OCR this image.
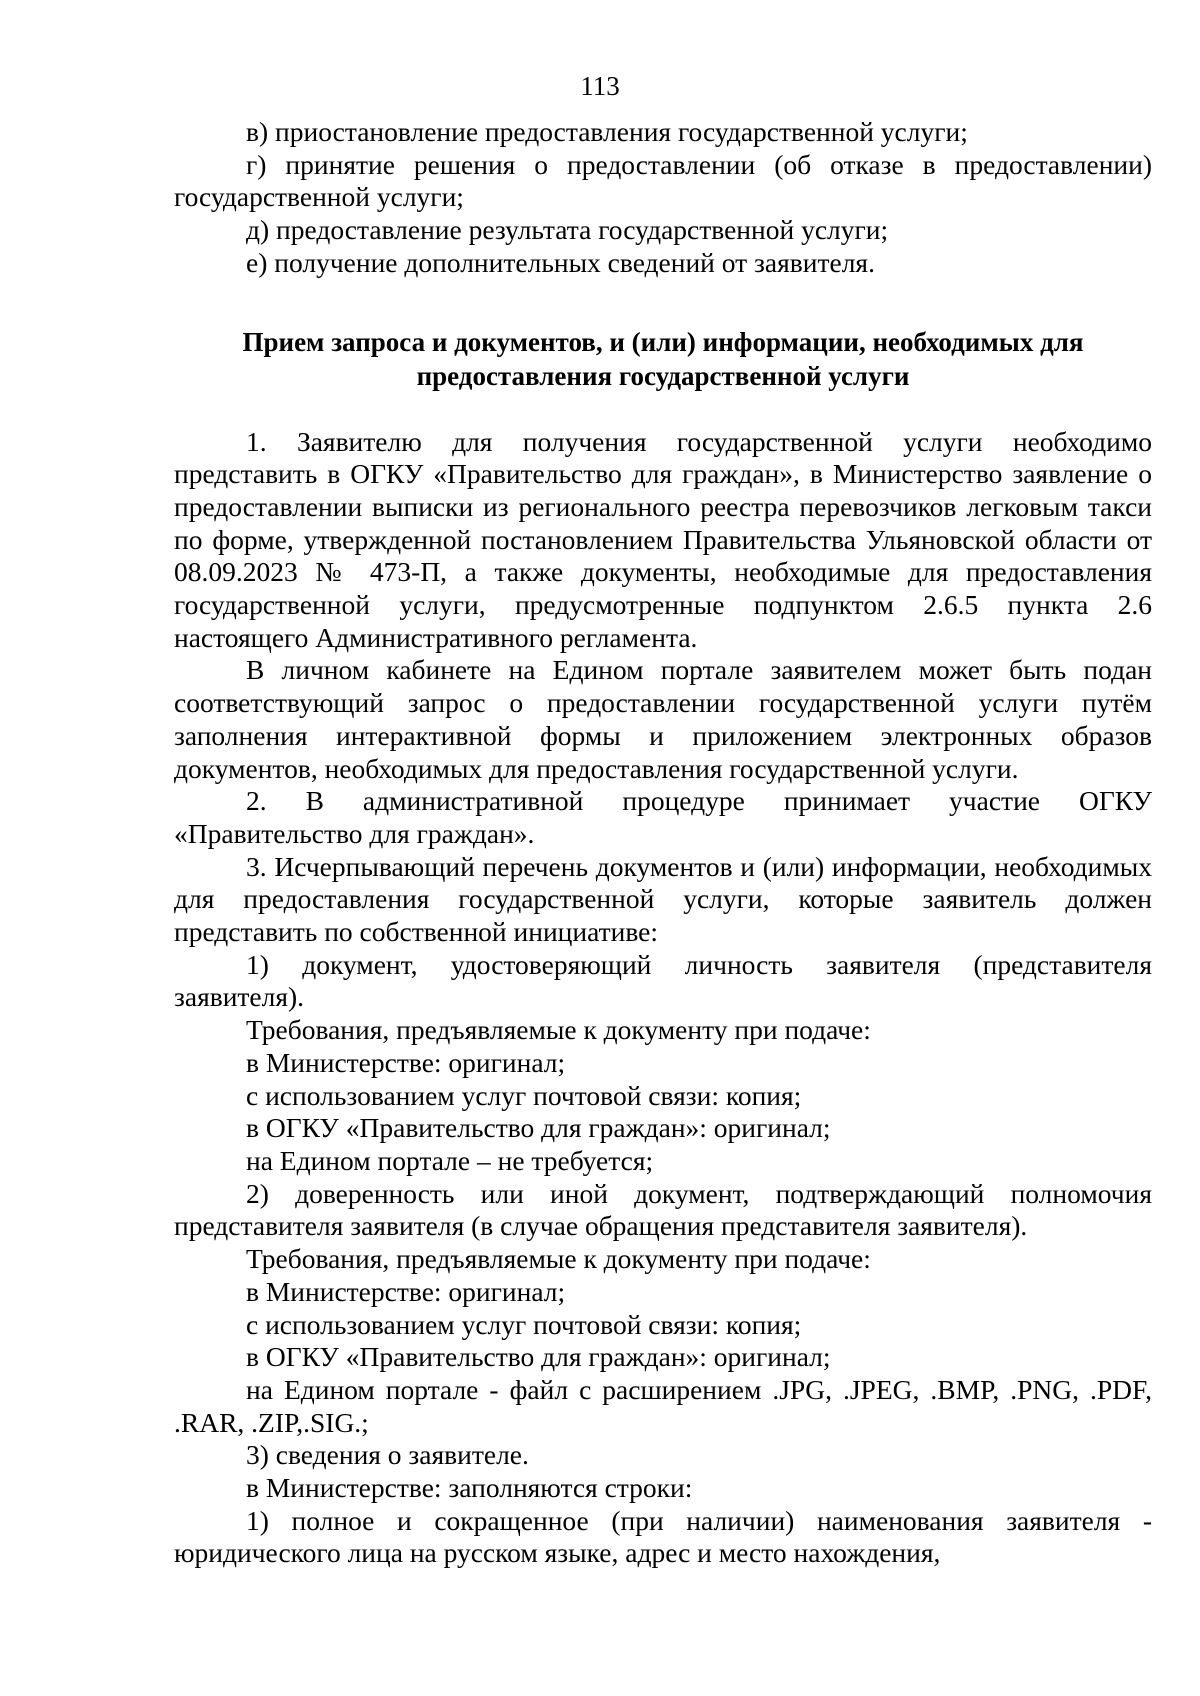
113

в) приостановление предоставления государственной услуги;

г) принятие решения о предоставлении (об отказе в предоставлении) государственной услуги;

д) предоставление результата государственной услуги;

е) получение дополнительных сведений от заявителя.

Прием запроса и документов, и (или) информации, необходимых для предоставления государственной услуги

1. Заявителю для получения государственной услуги необходимо представить в ОГКУ «Правительство для граждан», в Министерство заявление о предоставлении выписки из регионального реестра перевозчиков легковым такси по форме, утвержденной постановлением Правительства Ульяновской области от 08.09.2023 № 473-П, а также документы, необходимые для предоставления государственной услуги, предусмотренные подпунктом 2.6.5 пункта 2.6 настоящего Административного регламента.

В личном кабинете на Едином портале заявителем может быть подан соответствующий запрос о предоставлении государственной услуги путём заполнения интерактивной формы и приложением электронных образов документов, необходимых для предоставления государственной услуги.

2. В административной процедуре принимает участие ОГКУ «Правительство для граждан».

3. Исчерпывающий перечень документов и (или) информации, необходимых для предоставления государственной услуги, которые заявитель должен представить по собственной инициативе:

1) документ, удостоверяющий личность заявителя (представителя заявителя).

Требования, предъявляемые к документу при подаче:

в Министерстве: оригинал;

с использованием услуг почтовой связи: копия;

в ОГКУ «Правительство для граждан»: оригинал;

на Едином портале – не требуется;

2) доверенность или иной документ, подтверждающий полномочия представителя заявителя (в случае обращения представителя заявителя).

Требования, предъявляемые к документу при подаче:

в Министерстве: оригинал;

с использованием услуг почтовой связи: копия;

в ОГКУ «Правительство для граждан»: оригинал;

на Едином портале - файл с расширением .JPG, .JPEG, .BMP, .PNG, .PDF, .RAR, .ZIP,.SIG.;

3) сведения о заявителе.

в Министерстве: заполняются строки:

1) полное и сокращенное (при наличии) наименования заявителя - юридического лица на русском языке, адрес и место нахождения,
